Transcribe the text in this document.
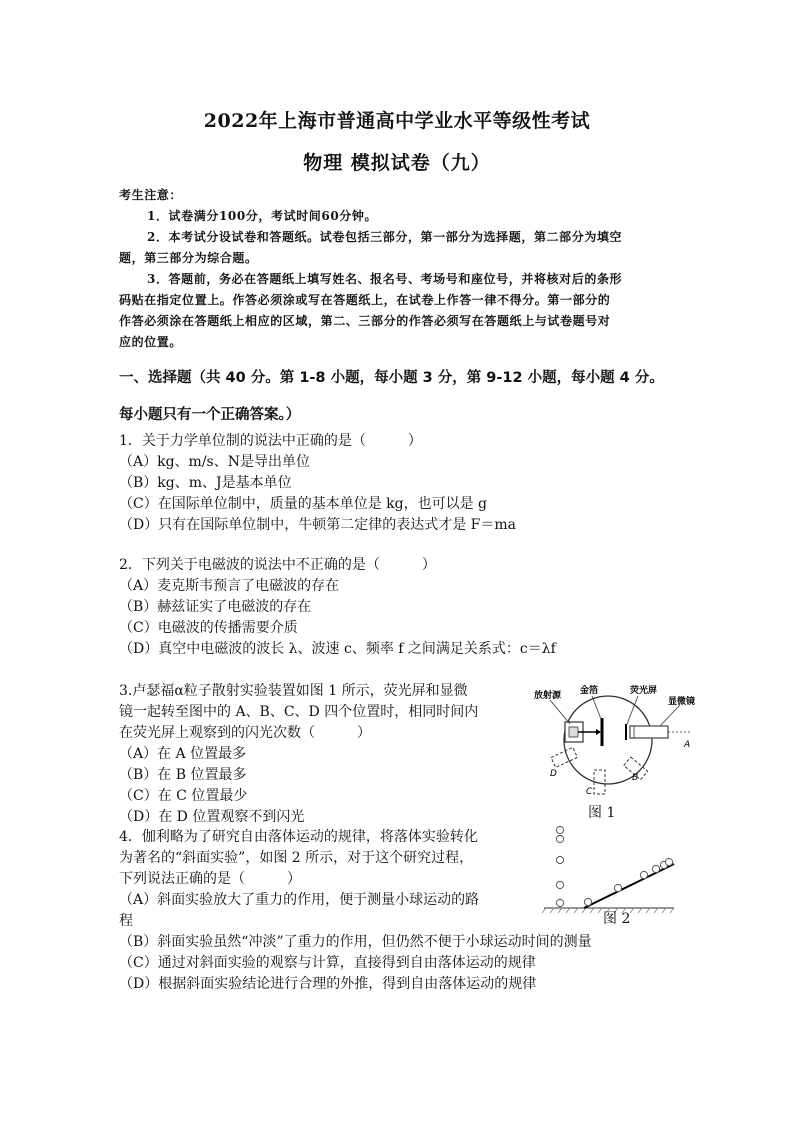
2022年上海市普通高中学业水平等级性考试
物理 模拟试卷（九）
考生注意：
1．试卷满分100分，考试时间60分钟。
2．本考试分设试卷和答题纸。试卷包括三部分，第一部分为选择题，第二部分为填空
题，第三部分为综合题。
3．答题前，务必在答题纸上填写姓名、报名号、考场号和座位号，并将核对后的条形
码贴在指定位置上。作答必须涂或写在答题纸上，在试卷上作答一律不得分。第一部分的
作答必须涂在答题纸上相应的区域，第二、三部分的作答必须写在答题纸上与试卷题号对
应的位置。
一、选择题（共 40 分。第 1-8 小题，每小题 3 分，第 9-12 小题，每小题 4 分。
每小题只有一个正确答案。）
1．关于力学单位制的说法中正确的是（　　　）
（A）kg、m/s、N是导出单位
（B）kg、m、J是基本单位
（C）在国际单位制中，质量的基本单位是 kg，也可以是 g
（D）只有在国际单位制中，牛顿第二定律的表达式才是 F＝ma
2．下列关于电磁波的说法中不正确的是（　　　）
（A）麦克斯韦预言了电磁波的存在
（B）赫兹证实了电磁波的存在
（C）电磁波的传播需要介质
（D）真空中电磁波的波长 λ、波速 c、频率 f 之间满足关系式：c＝λf
3.卢瑟福α粒子散射实验装置如图 1 所示，荧光屏和显微
镜一起转至图中的 A、B、C、D 四个位置时，相同时间内
在荧光屏上观察到的闪光次数（　　　）
（A）在 A 位置最多
（B）在 B 位置最多
（C）在 C 位置最少
（D）在 D 位置观察不到闪光
4．伽利略为了研究自由落体运动的规律，将落体实验转化
为著名的“斜面实验”，如图 2 所示，对于这个研究过程，
下列说法正确的是（　　　）
（A）斜面实验放大了重力的作用，便于测量小球运动的路
程
（B）斜面实验虽然“冲淡”了重力的作用，但仍然不便于小球运动时间的测量
（C）通过对斜面实验的观察与计算，直接得到自由落体运动的规律
（D）根据斜面实验结论进行合理的外推，得到自由落体运动的规律
放射源 金箔	荧光屏
显微镜
A
B
C
D
图 1
图 2
